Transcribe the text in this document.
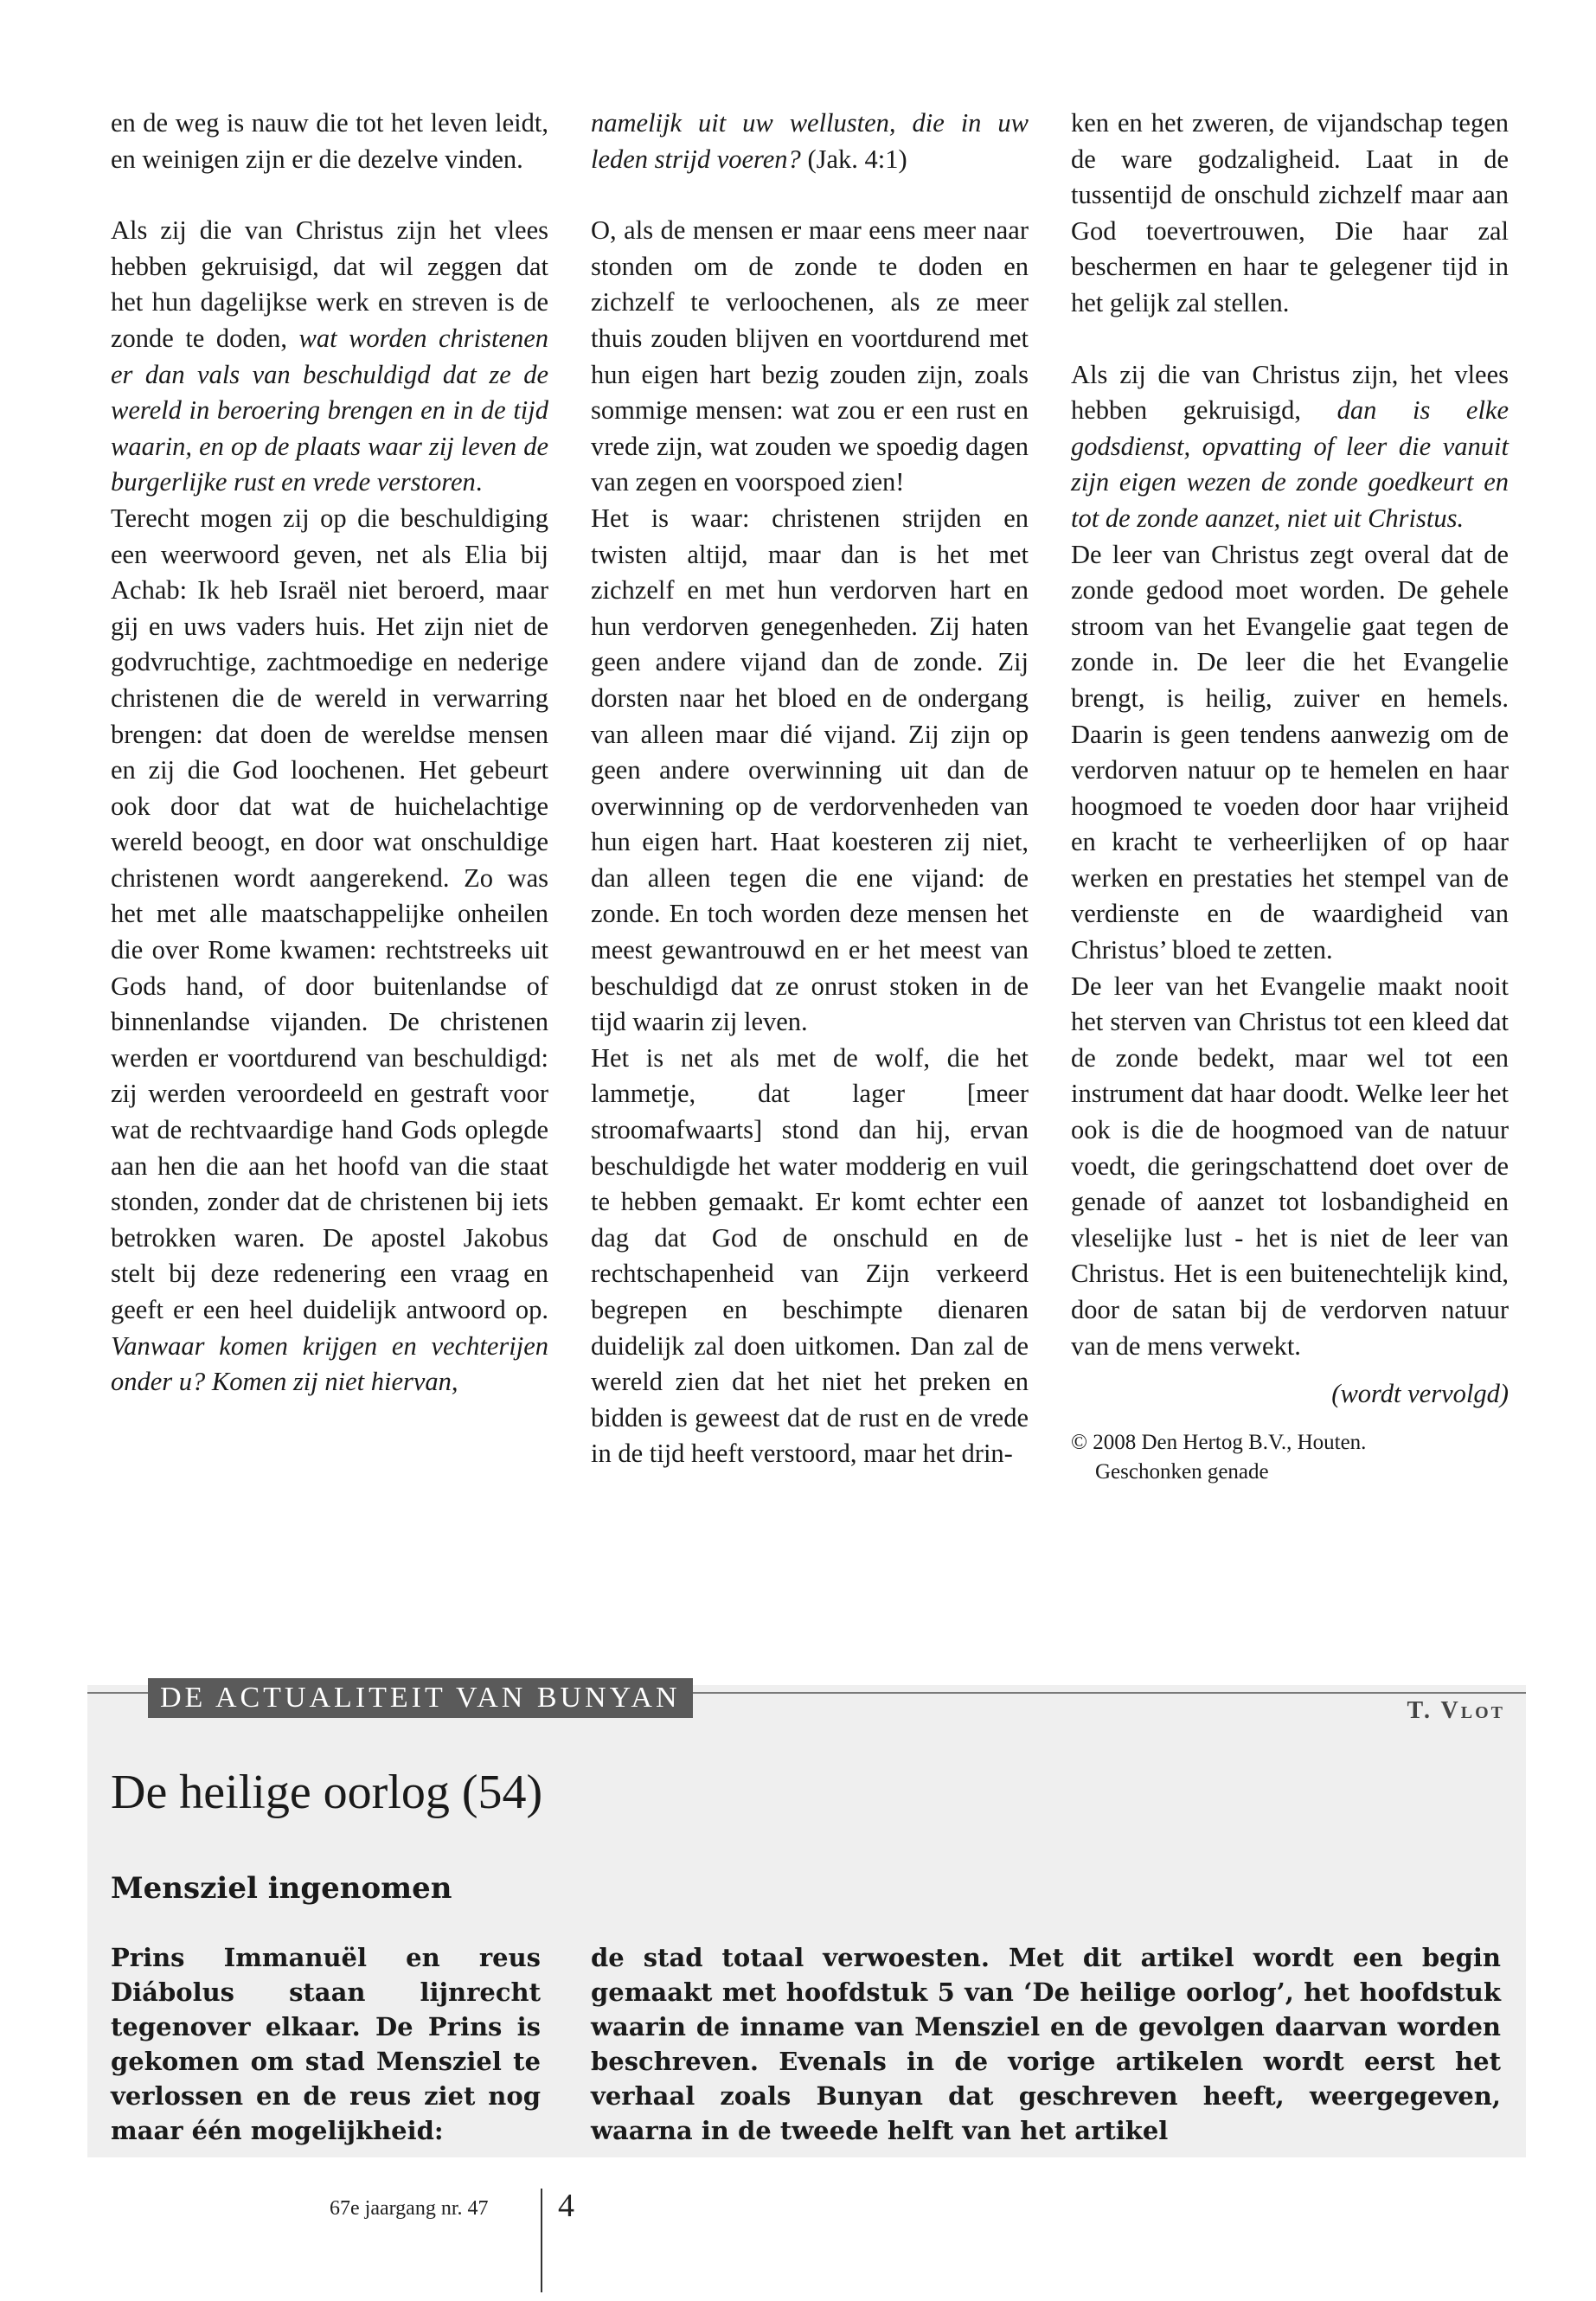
en de weg is nauw die tot het leven leidt, en weinigen zijn er die dezelve vinden.

Als zij die van Christus zijn het vlees hebben gekruisigd, dat wil zeggen dat het hun dagelijkse werk en streven is de zonde te doden, wat worden christenen er dan vals van beschuldigd dat ze de wereld in beroering brengen en in de tijd waarin, en op de plaats waar zij leven de burgerlijke rust en vrede verstoren.

Terecht mogen zij op die beschuldiging een weerwoord geven, net als Elia bij Achab: Ik heb Israël niet beroerd, maar gij en uws vaders huis. Het zijn niet de godvruchtige, zachtmoedige en nederige christenen die de wereld in verwarring brengen: dat doen de wereldse mensen en zij die God loochenen. Het gebeurt ook door dat wat de huichelachtige wereld beoogt, en door wat onschuldige christenen wordt aangerekend. Zo was het met alle maatschappelijke onheilen die over Rome kwamen: rechtstreeks uit Gods hand, of door buitenlandse of binnenlandse vijanden. De christenen werden er voortdurend van beschuldigd: zij werden veroordeeld en gestraft voor wat de rechtvaardige hand Gods oplegde aan hen die aan het hoofd van die staat stonden, zonder dat de christenen bij iets betrokken waren. De apostel Jakobus stelt bij deze redenering een vraag en geeft er een heel duidelijk antwoord op. Vanwaar komen krijgen en vechterijen onder u? Komen zij niet hiervan,

namelijk uit uw wellusten, die in uw leden strijd voeren? (Jak. 4:1)

O, als de mensen er maar eens meer naar stonden om de zonde te doden en zichzelf te verloochenen, als ze meer thuis zouden blijven en voortdurend met hun eigen hart bezig zouden zijn, zoals sommige mensen: wat zou er een rust en vrede zijn, wat zouden we spoedig dagen van zegen en voorspoed zien!

Het is waar: christenen strijden en twisten altijd, maar dan is het met zichzelf en met hun verdorven hart en hun verdorven genegenheden. Zij haten geen andere vijand dan de zonde. Zij dorsten naar het bloed en de ondergang van alleen maar dié vijand. Zij zijn op geen andere overwinning uit dan de overwinning op de verdorvenheden van hun eigen hart. Haat koesteren zij niet, dan alleen tegen die ene vijand: de zonde. En toch worden deze mensen het meest gewantrouwd en er het meest van beschuldigd dat ze onrust stoken in de tijd waarin zij leven.

Het is net als met de wolf, die het lammetje, dat lager [meer stroomafwaarts] stond dan hij, ervan beschuldigde het water modderig en vuil te hebben gemaakt. Er komt echter een dag dat God de onschuld en de rechtschapenheid van Zijn verkeerd begrepen en beschimpte dienaren duidelijk zal doen uitkomen. Dan zal de wereld zien dat het niet het preken en bidden is geweest dat de rust en de vrede in de tijd heeft verstoord, maar het drin-

ken en het zweren, de vijandschap tegen de ware godzaligheid. Laat in de tussentijd de onschuld zichzelf maar aan God toevertrouwen, Die haar zal beschermen en haar te gelegener tijd in het gelijk zal stellen.

Als zij die van Christus zijn, het vlees hebben gekruisigd, dan is elke godsdienst, opvatting of leer die vanuit zijn eigen wezen de zonde goedkeurt en tot de zonde aanzet, niet uit Christus.

De leer van Christus zegt overal dat de zonde gedood moet worden. De gehele stroom van het Evangelie gaat tegen de zonde in. De leer die het Evangelie brengt, is heilig, zuiver en hemels. Daarin is geen tendens aanwezig om de verdorven natuur op te hemelen en haar hoogmoed te voeden door haar vrijheid en kracht te verheerlijken of op haar werken en prestaties het stempel van de verdienste en de waardigheid van Christus’ bloed te zetten.

De leer van het Evangelie maakt nooit het sterven van Christus tot een kleed dat de zonde bedekt, maar wel tot een instrument dat haar doodt. Welke leer het ook is die de hoogmoed van de natuur voedt, die geringschattend doet over de genade of aanzet tot losbandigheid en vleselijke lust - het is niet de leer van Christus. Het is een buitenechtelijk kind, door de satan bij de verdorven natuur van de mens verwekt.

(wordt vervolgd)

© 2008 Den Hertog B.V., Houten.
Geschonken genade

DE ACTUALITEIT VAN BUNYAN	T. Vlot
De heilige oorlog (54)
Menszie​l ingenomen
Prins Immanuël en reus Diábolus staan lijnrecht tegenover elkaar. De Prins is gekomen om stad Menszie​l te verlossen en de reus ziet nog maar één mogelijkheid:
de stad totaal verwoesten. Met dit artikel wordt een begin gemaakt met hoofdstuk 5 van ‘De heilige oorlog’, het hoofdstuk waarin de inname van Menszie​l en de gevolgen daarvan worden beschreven. Evenals in de vorige artikelen wordt eerst het verhaal zoals Bunyan dat geschreven heeft, weergegeven, waarna in de tweede helft van het artikel
67e jaargang nr. 47 4
